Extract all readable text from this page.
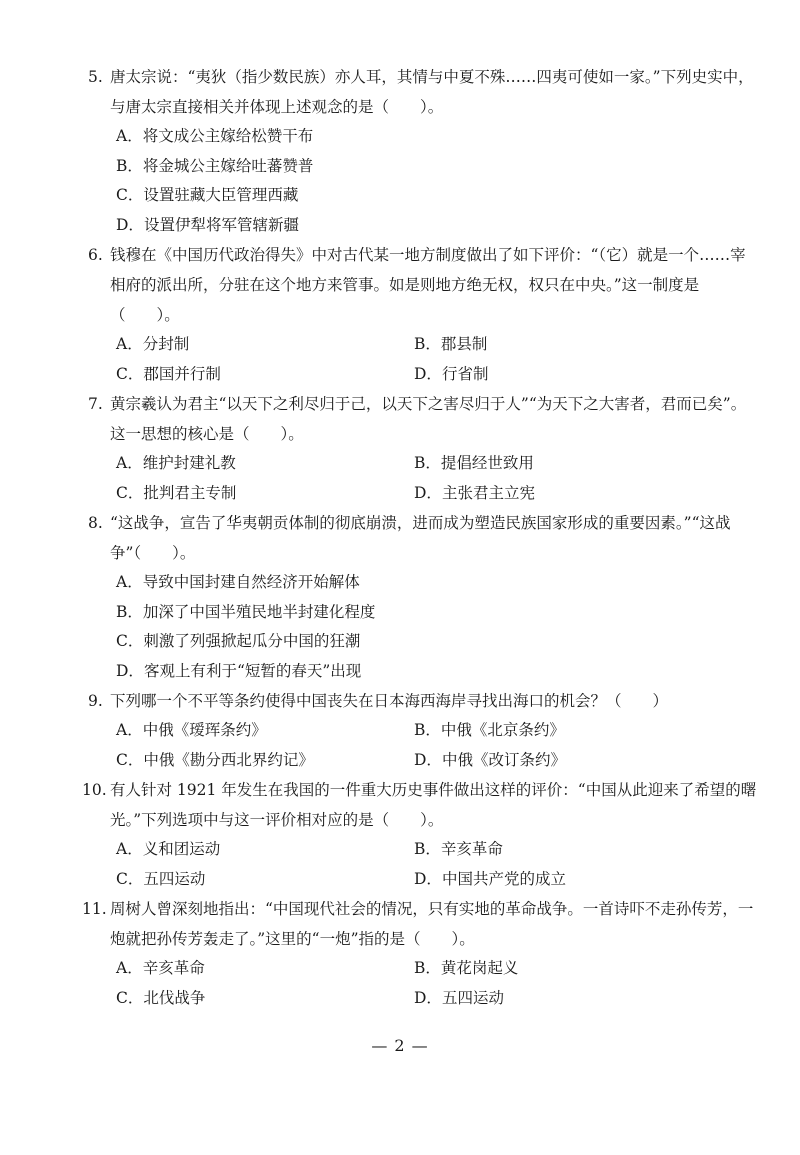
5. 唐太宗说：“夷狄（指少数民族）亦人耳，其情与中夏不殊……四夷可使如一家。”下列史实中，与唐太宗直接相关并体现上述观念的是（　　）。
A．将文成公主嫁给松赞干布
B．将金城公主嫁给吐蕃赞普
C．设置驻藏大臣管理西藏
D．设置伊犁将军管辖新疆
6. 钱穆在《中国历代政治得失》中对古代某一地方制度做出了如下评价：“（它）就是一个……宰相府的派出所，分驻在这个地方来管事。如是则地方绝无权，权只在中央。”这一制度是（　　）。
A．分封制	B．郡县制
C．郡国并行制	D．行省制
7. 黄宗羲认为君主“以天下之利尽归于己，以天下之害尽归于人”“为天下之大害者，君而已矣”。这一思想的核心是（　　）。
A．维护封建礼教	B．提倡经世致用
C．批判君主专制	D．主张君主立宪
8. “这战争，宣告了华夷朝贡体制的彻底崩溃，进而成为塑造民族国家形成的重要因素。”“这战争”（　　）。
A．导致中国封建自然经济开始解体
B．加深了中国半殖民地半封建化程度
C．刺激了列强掀起瓜分中国的狂潮
D．客观上有利于“短暂的春天”出现
9. 下列哪一个不平等条约使得中国丧失在日本海西海岸寻找出海口的机会？（　　）
A．中俄《瑷珲条约》	B．中俄《北京条约》
C．中俄《勘分西北界约记》	D．中俄《改订条约》
10. 有人针对 1921 年发生在我国的一件重大历史事件做出这样的评价：“中国从此迎来了希望的曙光。”下列选项中与这一评价相对应的是（　　）。
A．义和团运动	B．辛亥革命
C．五四运动	D．中国共产党的成立
11. 周树人曾深刻地指出：“中国现代社会的情况，只有实地的革命战争。一首诗吓不走孙传芳，一炮就把孙传芳轰走了。”这里的“一炮”指的是（　　）。
A．辛亥革命	B．黄花岗起义
C．北伐战争	D．五四运动
— 2 —
